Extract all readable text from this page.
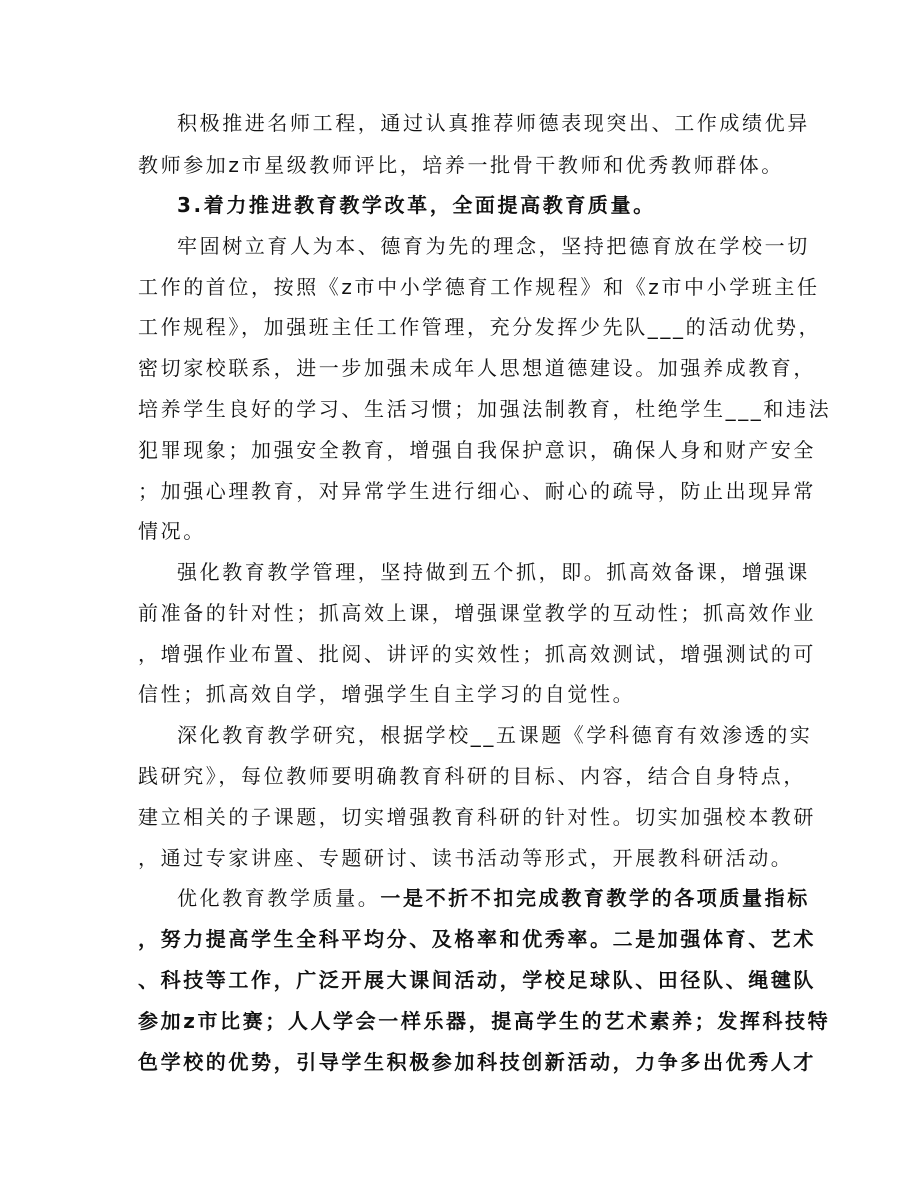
积极推进名师工程，通过认真推荐师德表现突出、工作成绩优异
教师参加z市星级教师评比，培养一批骨干教师和优秀教师群体。
3.着力推进教育教学改革，全面提高教育质量。
牢固树立育人为本、德育为先的理念，坚持把德育放在学校一切
工作的首位，按照《z市中小学德育工作规程》和《z市中小学班主任
工作规程》，加强班主任工作管理，充分发挥少先队___的活动优势，
密切家校联系，进一步加强未成年人思想道德建设。加强养成教育，
培养学生良好的学习、生活习惯；加强法制教育，杜绝学生___和违法
犯罪现象；加强安全教育，增强自我保护意识，确保人身和财产安全
；加强心理教育，对异常学生进行细心、耐心的疏导，防止出现异常
情况。
强化教育教学管理，坚持做到五个抓，即。抓高效备课，增强课
前准备的针对性；抓高效上课，增强课堂教学的互动性；抓高效作业
，增强作业布置、批阅、讲评的实效性；抓高效测试，增强测试的可
信性；抓高效自学，增强学生自主学习的自觉性。
深化教育教学研究，根据学校__五课题《学科德育有效渗透的实
践研究》，每位教师要明确教育科研的目标、内容，结合自身特点，
建立相关的子课题，切实增强教育科研的针对性。切实加强校本教研
，通过专家讲座、专题研讨、读书活动等形式，开展教科研活动。
优化教育教学质量。一是不折不扣完成教育教学的各项质量指标
，努力提高学生全科平均分、及格率和优秀率。二是加强体育、艺术
、科技等工作，广泛开展大课间活动，学校足球队、田径队、绳毽队
参加z市比赛；人人学会一样乐器，提高学生的艺术素养；发挥科技特
色学校的优势，引导学生积极参加科技创新活动，力争多出优秀人才
